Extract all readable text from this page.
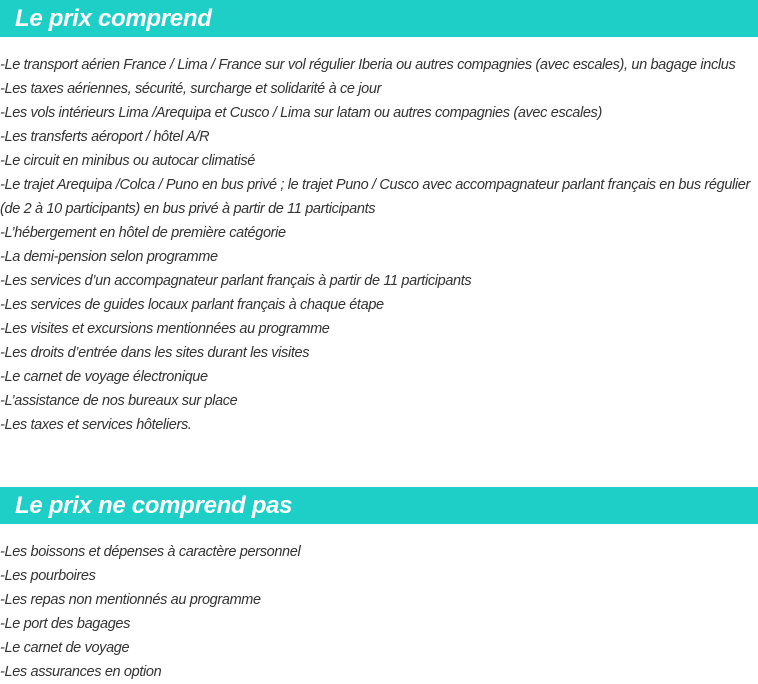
Le prix comprend
-Le transport aérien France / Lima / France sur vol régulier Iberia ou autres compagnies (avec escales), un bagage inclus
-Les taxes aériennes, sécurité, surcharge et solidarité à ce jour
-Les vols intérieurs Lima /Arequipa et Cusco / Lima sur latam ou autres compagnies (avec escales)
-Les transferts aéroport / hôtel A/R
-Le circuit en minibus ou autocar climatisé
-Le trajet Arequipa /Colca / Puno en bus privé ; le trajet Puno / Cusco avec accompagnateur parlant français en bus régulier (de 2 à 10 participants) en bus privé à partir de 11 participants
-L’hébergement en hôtel de première catégorie
-La demi-pension selon programme
-Les services d’un accompagnateur parlant français à partir de 11 participants
-Les services de guides locaux parlant français à chaque étape
-Les visites et excursions mentionnées au programme
-Les droits d’entrée dans les sites durant les visites
-Le carnet de voyage électronique
-L’assistance de nos bureaux sur place
-Les taxes et services hôteliers.
Le prix ne comprend pas
-Les boissons et dépenses à caractère personnel
-Les pourboires
-Les repas non mentionnés au programme
-Le port des bagages
-Le carnet de voyage
-Les assurances en option
